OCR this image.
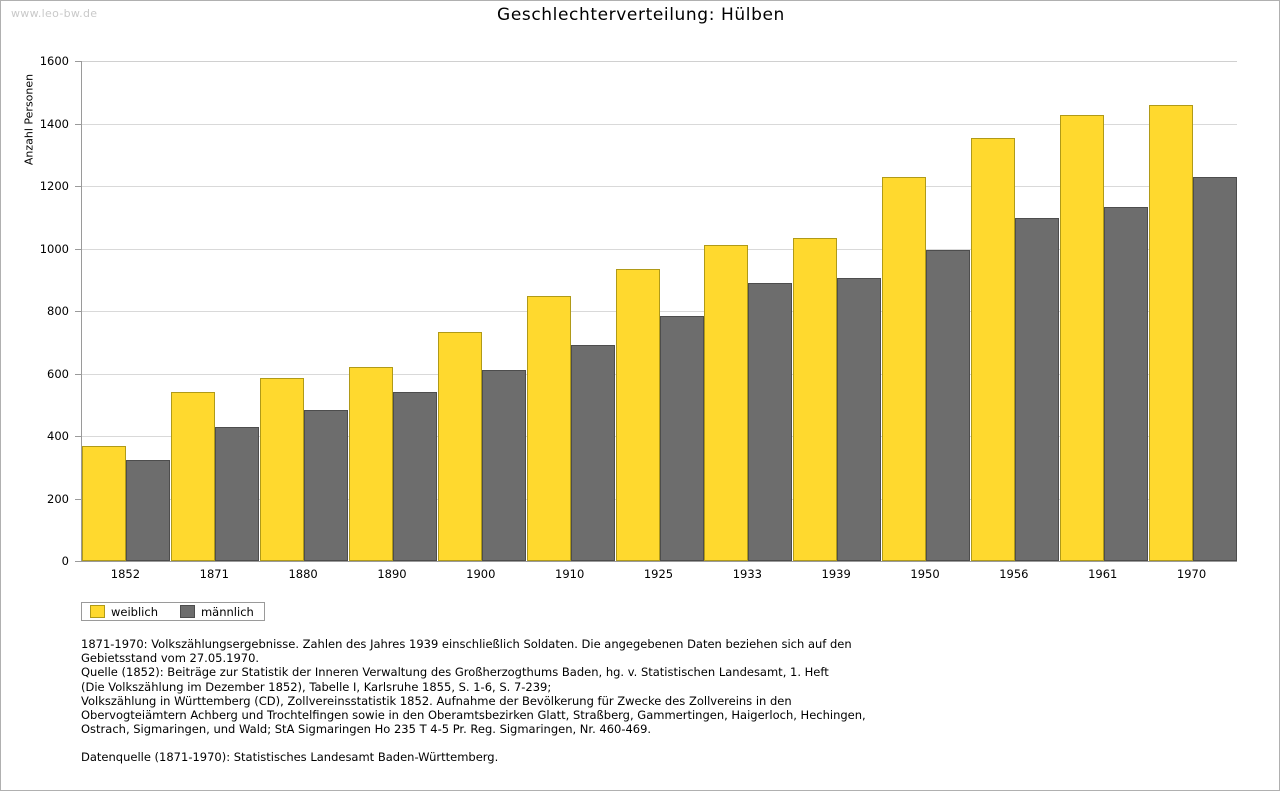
www.leo-bw.de	Geschlechterverteilung: Hülben
Anzahl Personen
0
200
400
600
800
1000
1200
1400
1600
1852	1871	1880	1890	1900	1910	1925	1933	1939	1950	1956	1961	1970
weiblich	männlich
1871-1970: Volkszählungsergebnisse. Zahlen des Jahres 1939 einschließlich Soldaten. Die angegebenen Daten beziehen sich auf den
Gebietsstand vom 27.05.1970.
Quelle (1852): Beiträge zur Statistik der Inneren Verwaltung des Großherzogthums Baden, hg. v. Statistischen Landesamt, 1. Heft
(Die Volkszählung im Dezember 1852), Tabelle I, Karlsruhe 1855, S. 1-6, S. 7-239;
Volkszählung in Württemberg (CD), Zollvereinsstatistik 1852. Aufnahme der Bevölkerung für Zwecke des Zollvereins in den
Obervogteiämtern Achberg und Trochtelfingen sowie in den Oberamtsbezirken Glatt, Straßberg, Gammertingen, Haigerloch, Hechingen,
Ostrach, Sigmaringen, und Wald; StA Sigmaringen Ho 235 T 4-5 Pr. Reg. Sigmaringen, Nr. 460-469.
Datenquelle (1871-1970): Statistisches Landesamt Baden-Württemberg.
